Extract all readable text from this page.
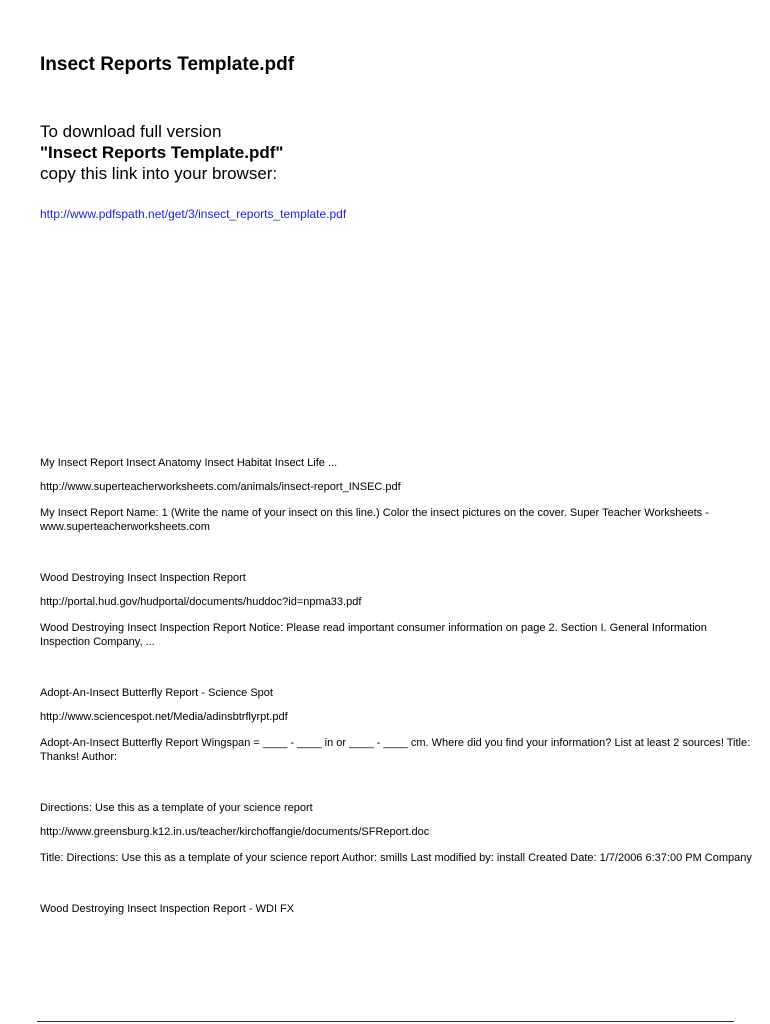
Insect Reports Template.pdf
To download full version
"Insect Reports Template.pdf"
copy this link into your browser:
http://www.pdfspath.net/get/3/insect_reports_template.pdf
My Insect Report Insect Anatomy Insect Habitat Insect Life ...
http://www.superteacherworksheets.com/animals/insect-report_INSEC.pdf
My Insect Report Name: 1 (Write the name of your insect on this line.) Color the insect pictures on the cover. Super Teacher Worksheets - www.superteacherworksheets.com
Wood Destroying Insect Inspection Report
http://portal.hud.gov/hudportal/documents/huddoc?id=npma33.pdf
Wood Destroying Insect Inspection Report Notice: Please read important consumer information on page 2. Section I. General Information Inspection Company, ...
Adopt-An-Insect Butterfly Report - Science Spot
http://www.sciencespot.net/Media/adinsbtrflyrpt.pdf
Adopt-An-Insect Butterfly Report Wingspan = ____ - ____ in or ____ - ____ cm. Where did you find your information? List at least 2 sources! Title: Thanks! Author:
Directions: Use this as a template of your science report
http://www.greensburg.k12.in.us/teacher/kirchoffangie/documents/SFReport.doc
Title: Directions: Use this as a template of your science report Author: smills Last modified by: install Created Date: 1/7/2006 6:37:00 PM Company
Wood Destroying Insect Inspection Report - WDI FX
